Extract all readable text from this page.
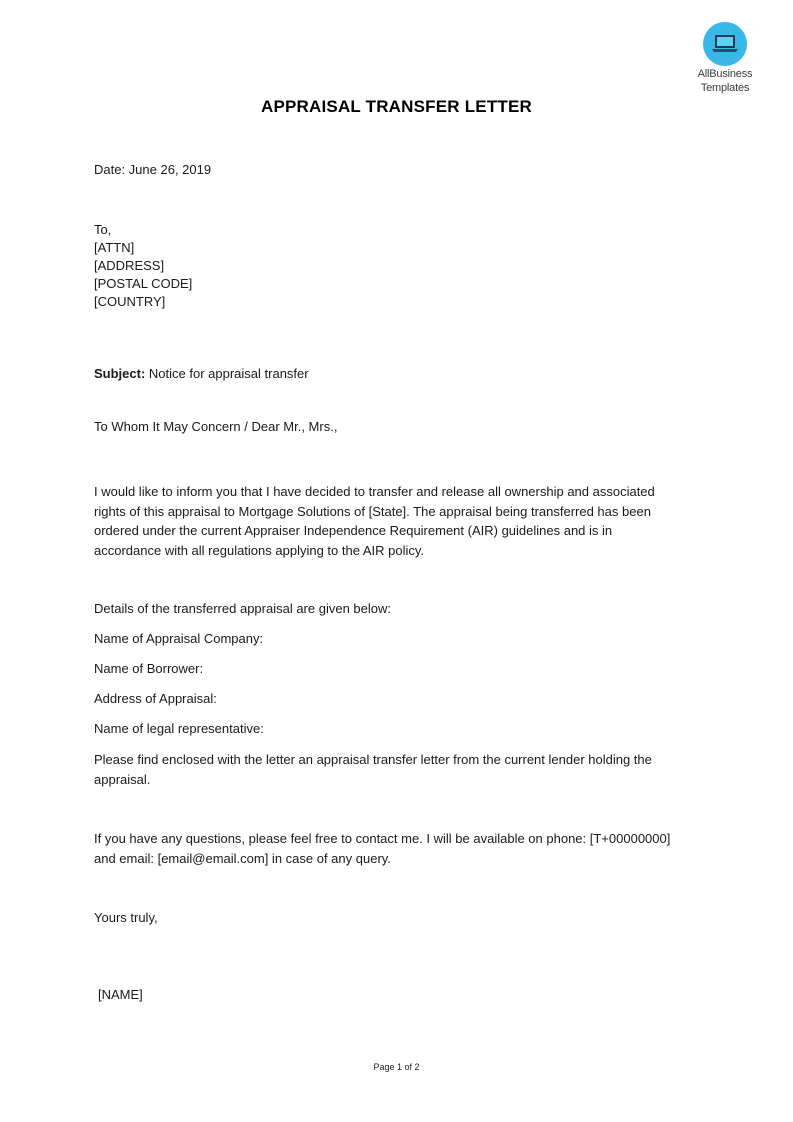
AllBusiness
Templates
APPRAISAL TRANSFER LETTER
Date: June 26, 2019
To,
[ATTN]
[ADDRESS]
[POSTAL CODE]
[COUNTRY]
Subject: Notice for appraisal transfer
To Whom It May Concern / Dear Mr., Mrs.,
I would like to inform you that I have decided to transfer and release all ownership and associated
rights of this appraisal to Mortgage Solutions of [State]. The appraisal being transferred has been
ordered under the current Appraiser Independence Requirement (AIR) guidelines and is in
accordance with all regulations applying to the AIR policy.
Details of the transferred appraisal are given below:
Name of Appraisal Company:
Name of Borrower:
Address of Appraisal:
Name of legal representative:
Please find enclosed with the letter an appraisal transfer letter from the current lender holding the
appraisal.
If you have any questions, please feel free to contact me. I will be available on phone: [T+00000000]
and email: [email@email.com] in case of any query.
Yours truly,
[NAME]
Page 1 of 2
